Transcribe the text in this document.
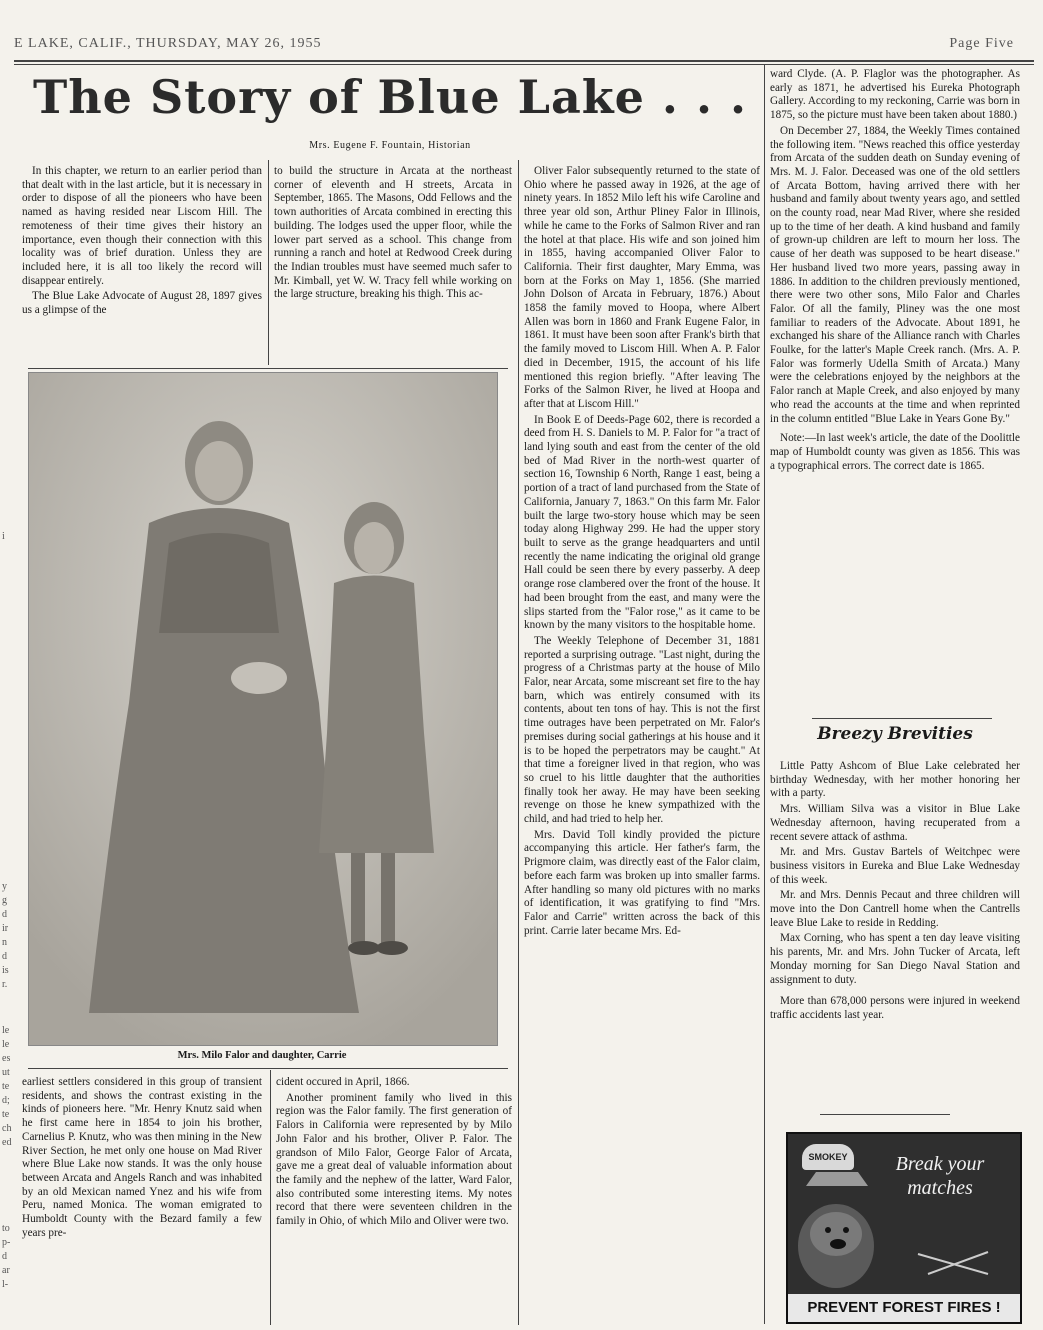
E LAKE, CALIF., THURSDAY, MAY 26, 1955	Page Five
The Story of Blue Lake . . .
Mrs. Eugene F. Fountain, Historian

In this chapter, we return to an earlier period than that dealt with in the last article, but it is necessary in order to dispose of all the pioneers who have been named as having resided near Liscom Hill. The remoteness of their time gives their history an importance, even though their connection with this locality was of brief duration. Unless they are included here, it is all too likely the record will disappear entirely.

The Blue Lake Advocate of August 28, 1897 gives us a glimpse of the

to build the structure in Arcata at the northeast corner of eleventh and H streets, Arcata in September, 1865. The Masons, Odd Fellows and the town authorities of Arcata combined in erecting this building. The lodges used the upper floor, while the lower part served as a school. This change from running a ranch and hotel at Redwood Creek during the Indian troubles must have seemed much safer to Mr. Kimball, yet W. W. Tracy fell while working on the large structure, breaking his thigh. This ac-

Mrs. Milo Falor and daughter, Carrie

earliest settlers considered in this group of transient residents, and shows the contrast existing in the kinds of pioneers here. "Mr. Henry Knutz said when he first came here in 1854 to join his brother, Carnelius P. Knutz, who was then mining in the New River Section, he met only one house on Mad River where Blue Lake now stands. It was the only house between Arcata and Angels Ranch and was inhabited by an old Mexican named Ynez and his wife from Peru, named Monica. The woman emigrated to Humboldt County with the Bezard family a few years pre-

cident occured in April, 1866.

Another prominent family who lived in this region was the Falor family. The first generation of Falors in California were represented by by Milo John Falor and his brother, Oliver P. Falor. The grandson of Milo Falor, George Falor of Arcata, gave me a great deal of valuable information about the family and the nephew of the latter, Ward Falor, also contributed some interesting items. My notes record that there were seventeen children in the family in Ohio, of which Milo and Oliver were two.

Oliver Falor subsequently returned to the state of Ohio where he passed away in 1926, at the age of ninety years. In 1852 Milo left his wife Caroline and three year old son, Arthur Pliney Falor in Illinois, while he came to the Forks of Salmon River and ran the hotel at that place. His wife and son joined him in 1855, having accompanied Oliver Falor to California. Their first daughter, Mary Emma, was born at the Forks on May 1, 1856. (She married John Dolson of Arcata in February, 1876.) About 1858 the family moved to Hoopa, where Albert Allen was born in 1860 and Frank Eugene Falor, in 1861. It must have been soon after Frank's birth that the family moved to Liscom Hill. When A. P. Falor died in December, 1915, the account of his life mentioned this region briefly. "After leaving The Forks of the Salmon River, he lived at Hoopa and after that at Liscom Hill."

In Book E of Deeds-Page 602, there is recorded a deed from H. S. Daniels to M. P. Falor for "a tract of land lying south and east from the center of the old bed of Mad River in the north-west quarter of section 16, Township 6 North, Range 1 east, being a portion of a tract of land purchased from the State of California, January 7, 1863." On this farm Mr. Falor built the large two-story house which may be seen today along Highway 299. He had the upper story built to serve as the grange headquarters and until recently the name indicating the original old grange Hall could be seen there by every passerby. A deep orange rose clambered over the front of the house. It had been brought from the east, and many were the slips started from the "Falor rose," as it came to be known by the many visitors to the hospitable home.

The Weekly Telephone of December 31, 1881 reported a surprising outrage. "Last night, during the progress of a Christmas party at the house of Milo Falor, near Arcata, some miscreant set fire to the hay barn, which was entirely consumed with its contents, about ten tons of hay. This is not the first time outrages have been perpetrated on Mr. Falor's premises during social gatherings at his house and it is to be hoped the perpetrators may be caught." At that time a foreigner lived in that region, who was so cruel to his little daughter that the authorities finally took her away. He may have been seeking revenge on those he knew sympathized with the child, and had tried to help her.

Mrs. David Toll kindly provided the picture accompanying this article. Her father's farm, the Prigmore claim, was directly east of the Falor claim, before each farm was broken up into smaller farms. After handling so many old pictures with no marks of identification, it was gratifying to find "Mrs. Falor and Carrie" written across the back of this print. Carrie later became Mrs. Ed-

ward Clyde. (A. P. Flaglor was the photographer. As early as 1871, he advertised his Eureka Photograph Gallery. According to my reckoning, Carrie was born in 1875, so the picture must have been taken about 1880.)

On December 27, 1884, the Weekly Times contained the following item. "News reached this office yesterday from Arcata of the sudden death on Sunday evening of Mrs. M. J. Falor. Deceased was one of the old settlers of Arcata Bottom, having arrived there with her husband and family about twenty years ago, and settled on the county road, near Mad River, where she resided up to the time of her death. A kind husband and family of grown-up children are left to mourn her loss. The cause of her death was supposed to be heart disease." Her husband lived two more years, passing away in 1886. In addition to the children previously mentioned, there were two other sons, Milo Falor and Charles Falor. Of all the family, Pliney was the one most familiar to readers of the Advocate. About 1891, he exchanged his share of the Alliance ranch with Charles Foulke, for the latter's Maple Creek ranch. (Mrs. A. P. Falor was formerly Udella Smith of Arcata.) Many were the celebrations enjoyed by the neighbors at the Falor ranch at Maple Creek, and also enjoyed by many who read the accounts at the time and when reprinted in the column entitled "Blue Lake in Years Gone By."

Note:—In last week's article, the date of the Doolittle map of Humboldt county was given as 1856. This was a typographical errors. The correct date is 1865.

Breezy Brevities

Little Patty Ashcom of Blue Lake celebrated her birthday Wednesday, with her mother honoring her with a party.

Mrs. William Silva was a visitor in Blue Lake Wednesday afternoon, having recuperated from a recent severe attack of asthma.

Mr. and Mrs. Gustav Bartels of Weitchpec were business visitors in Eureka and Blue Lake Wednesday of this week.

Mr. and Mrs. Dennis Pecaut and three children will move into the Don Cantrell home when the Cantrells leave Blue Lake to reside in Redding.

Max Corning, who has spent a ten day leave visiting his parents, Mr. and Mrs. John Tucker of Arcata, left Monday morning for San Diego Naval Station and assignment to duty.

More than 678,000 persons were injured in weekend traffic accidents last year.

SMOKEY	Break your matches
PREVENT FOREST FIRES !
i
y
g
d
ir
n
d
is
r.
le
le
es
ut
te
d;
te
ch
ed
to
p-
d
ar
l-
